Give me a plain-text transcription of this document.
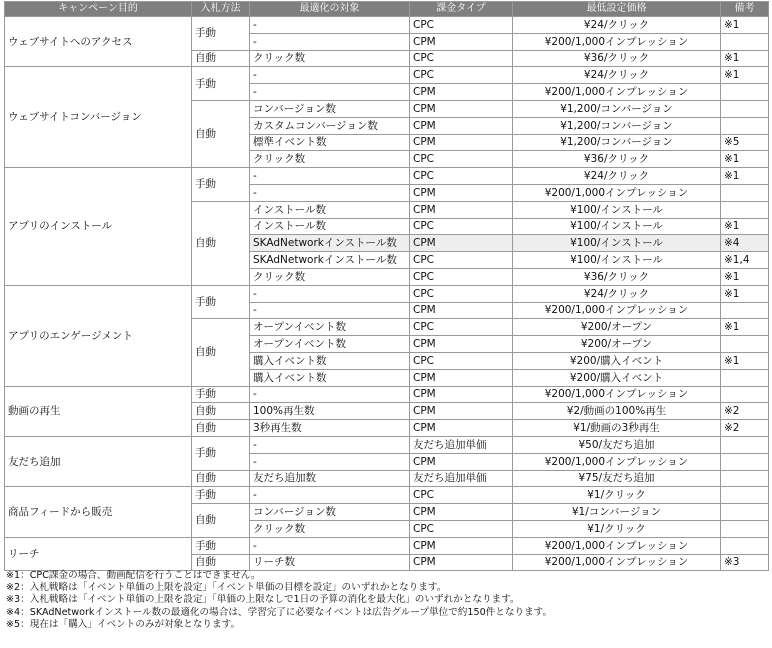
キャンペーン目的	入札方法	最適化の対象	課金タイプ	最低設定価格	備考
ウェブサイトへのアクセス	手動	-	CPC	¥24/クリック	※1
		-	CPM	¥200/1,000インプレッション	
	自動	クリック数	CPC	¥36/クリック	※1
ウェブサイトコンバージョン	手動	-	CPC	¥24/クリック	※1
		-	CPM	¥200/1,000インプレッション	
	自動	コンバージョン数	CPM	¥1,200/コンバージョン	
		カスタムコンバージョン数	CPM	¥1,200/コンバージョン	
		標準イベント数	CPM	¥1,200/コンバージョン	※5
		クリック数	CPC	¥36/クリック	※1
アプリのインストール	手動	-	CPC	¥24/クリック	※1
		-	CPM	¥200/1,000インプレッション	
	自動	インストール数	CPM	¥100/インストール	
		インストール数	CPC	¥100/インストール	※1
		SKAdNetworkインストール数	CPM	¥100/インストール	※4
		SKAdNetworkインストール数	CPC	¥100/インストール	※1,4
		クリック数	CPC	¥36/クリック	※1
アプリのエンゲージメント	手動	-	CPC	¥24/クリック	※1
		-	CPM	¥200/1,000インプレッション	
	自動	オープンイベント数	CPC	¥200/オープン	※1
		オープンイベント数	CPM	¥200/オープン	
		購入イベント数	CPC	¥200/購入イベント	※1
		購入イベント数	CPM	¥200/購入イベント	
動画の再生	手動	-	CPM	¥200/1,000インプレッション	
	自動	100%再生数	CPM	¥2/動画の100%再生	※2
	自動	3秒再生数	CPM	¥1/動画の3秒再生	※2
友だち追加	手動	-	友だち追加単価	¥50/友だち追加	
		-	CPM	¥200/1,000インプレッション	
	自動	友だち追加数	友だち追加単価	¥75/友だち追加	
商品フィードから販売	手動	-	CPC	¥1/クリック	
	自動	コンバージョン数	CPM	¥1/コンバージョン	
		クリック数	CPC	¥1/クリック	
リーチ	手動	-	CPM	¥200/1,000インプレッション	
	自動	リーチ数	CPM	¥200/1,000インプレッション	※3
※1：CPC課金の場合、動画配信を行うことはできません。
※2：入札戦略は「イベント単価の上限を設定」「イベント単価の目標を設定」のいずれかとなります。
※3：入札戦略は「イベント単価の上限を設定」「単価の上限なしで1日の予算の消化を最大化」のいずれかとなります。
※4：SKAdNetworkインストール数の最適化の場合は、学習完了に必要なイベントは広告グループ単位で約150件となります。
※5：現在は「購入」イベントのみが対象となります。
